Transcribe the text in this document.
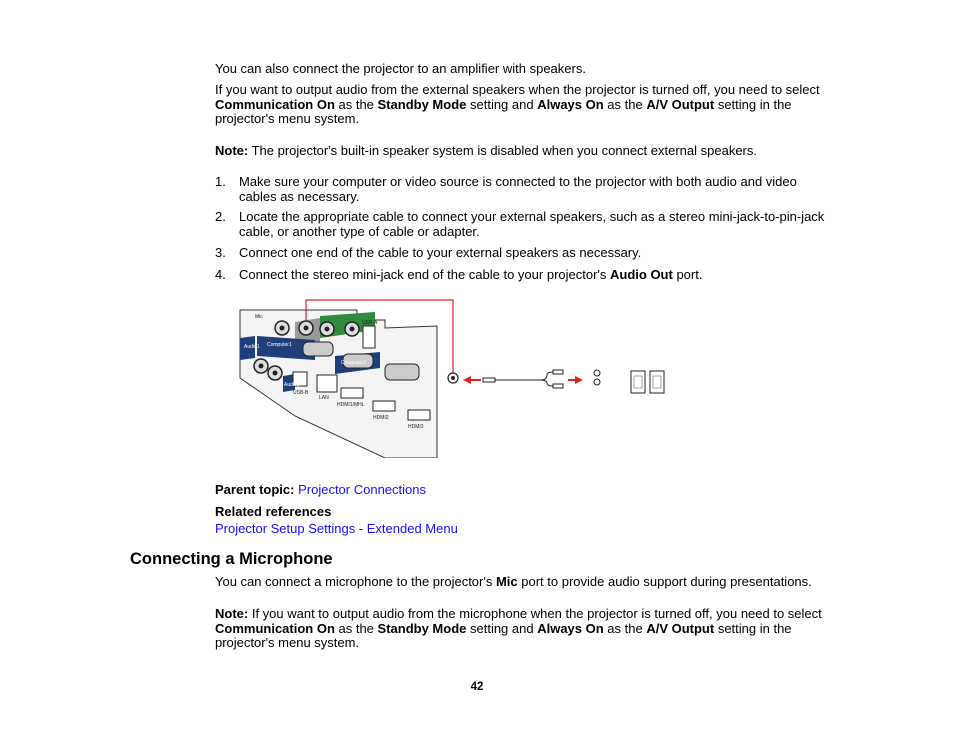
You can also connect the projector to an amplifier with speakers.

If you want to output audio from the external speakers when the projector is turned off, you need to select Communication On as the Standby Mode setting and Always On as the A/V Output setting in the projector's menu system.

Note: The projector's built-in speaker system is disabled when you connect external speakers.

1. Make sure your computer or video source is connected to the projector with both audio and video cables as necessary.
2. Locate the appropriate cable to connect your external speakers, such as a stereo mini-jack-to-pin-jack cable, or another type of cable or adapter.
3. Connect one end of the cable to your external speakers as necessary.
4. Connect the stereo mini-jack end of the cable to your projector's Audio Out port.
Mic
Audio1 Computer1
Audio2
Computer2
USB-B
LAN
HDMI1/MHL
HDMI2
HDMI3
USB-A

Parent topic: Projector Connections

Related references

Projector Setup Settings - Extended Menu

Connecting a Microphone

You can connect a microphone to the projector's Mic port to provide audio support during presentations.

Note: If you want to output audio from the microphone when the projector is turned off, you need to select Communication On as the Standby Mode setting and Always On as the A/V Output setting in the projector's menu system.

42
